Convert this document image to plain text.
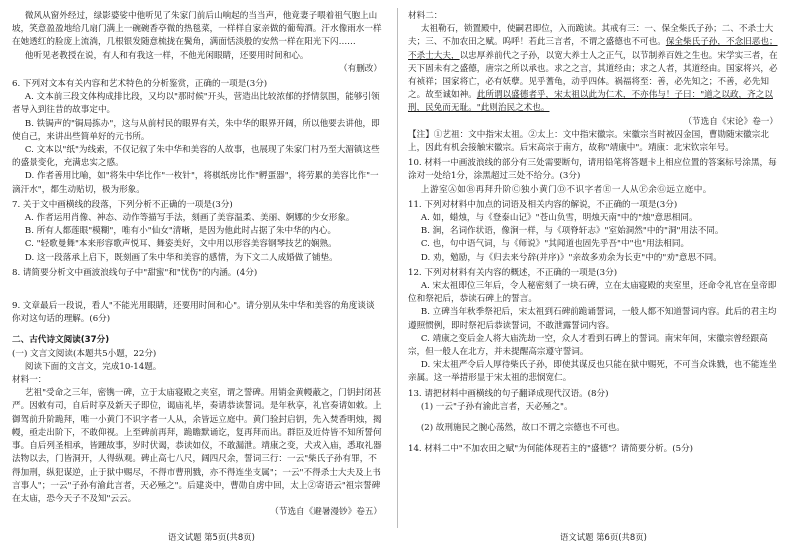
微风从窗外经过，绿影婆娑中他听见了朱家门前后山响起的当当声，他竟妻子喂着祖气胞上山坡，笑意盈盈地给几扇门满上一碗碗香亭微的热毯菜，一样样自家亲做的葡萄酒。汗水像雨水一样在她透红的脸庞上流淌，几根银发随意梳拢在鬓角，满面恬淡般的安然一样在阳光下闪……

他听见老教授在说，有人和有我这一样，不他光闲眼睛，还要用时间和心。

（有删改）

6. 下列对文本有关内容和艺术特色的分析鉴赏，正确的一项是(3分)

A. 文本前三段文体构成排比段，又均以"那时候"开头，营造出比较浓郁的抒情氛围，能够引领者导入到往昔的故事定中。

B. 铁锔声的"锔局拣办"，这与从前村民的眼界有关，朱中华的眼界开阔，所以他要去讲他，即使自己，来讲出些简单好的元书所。

C. 文本以"纸"为线索，不仅记叙了朱中华和美容的人故事，也展现了朱家门村乃至大湄镇这些的盛景变化，充满忠实之感。

D. 作者善用比喻，如"将朱中华比作"一枚针"，将棋纸房比作"孵蛋器"，将劳累的美容比作"一滴汗水"，都生动贴切，极为形象。

7. 关于文中画横线的段落，下列分析不正确的一项是(3分)

A. 作者运用肖像、神态、动作等描写手法，刻画了美容温柔、美丽、婀娜的少女形象。

B. 所有人都莲眼"模糊"，唯有小"仙女"清晰，是因为他此时占据了朱中华的内心。

C. "轻歌曼舞"本来形容歌声悦耳、舞姿美好，文中用以形容美容钢琴技艺的娴熟。

D. 这一段落承上启下，既刻画了朱中华和美容的感情，为下文二人成婚做了铺垫。

8. 请简要分析文中画波浪线句子中"甜蜜"和"忧伤"的内涵。(4分)

9. 文章最后一段说，看人"不能光用眼睛，还要用时间和心"。请分别从朱中华和美容的角度谈谈你对这句话的理解。(6分)

二、古代诗文阅读(37分)

(一) 文言文阅读(本题共5小题，22分)

阅读下面的文言文，完成10-14题。

材料一：

艺祖"受命之三年，密镌一碑，立于太庙寝殿之夹室，谓之誓碑。用销金黄幔蔽之，门钥封闭甚严。因敕有司，自后时享及新天子即位，谒庙礼毕，奏请恭读誓词。是年秋享，礼官奏请如敕。上御驾前升阶跪拜，唯一小黄门不识字者一人从，余皆远立庭中。黄门验封启钥，先入焚香明烛，揭幔，亟走出阶下，不敢仰视。上至碑前再拜，跪瞻默诵讫，复再拜而出。群臣及近侍皆不知所誓何事。自后列圣相承，皆踵故事，岁时伏谒，恭读如仪，不敢漏泄。靖康之变，犬戎入庙，悉取礼器法物以去，门皆洞开，人得纵观。碑止高七八尺，阔四尺余，誓词三行：一云"柴氏子孙有罪，不得加刑，纵犯谋逆，止于狱中赐尽，不得市曹刑戮，亦不得连坐支属"；一云"不得杀士大夫及上书言事人"；一云"子孙有渝此言者，天必殛之"。后建炎中，曹勋自虏中回，太上②寄语云"祖宗誓碑在太庙，恐今天子不及知"云云。

（节选自《避暑漫钞》卷五）

材料二：

太祖勒石，锁置殿中，使嗣君即位，入而跪读。其戒有三：一、保全柴氏子孙；二、不杀士大夫；三、不加农田之赋。呜呼！若此三言者，不谓之盛德也不可也。保全柴氏子孙，不念旧恶也；不杀士大夫，以忠厚养前代之子孙，以宽大养士人之正气，以节制养百姓之生也。宋学实三者，在天下固未有之盛德，唐宗之所以承也。求之之言，其道经由；求之人者，其道经由。国家将兴，必有祯祥；国家将亡，必有妖孽。见乎蓍龟，动乎四体。祸福将至：善，必先知之；不善，必先知之。故至诚如神。此所谓以盛德者乎，宋太祖以此为仁术，不亦伟与！子曰："道之以政，齐之以刑，民免而无耻。"此则治民之术也。

（节选自《宋论》卷一）

【注】①艺祖：文中指宋太祖。②太上：文中指宋徽宗。宋徽宗当时被囚金国，曹勋随宋徽宗北上，因此有机会接触宋徽宗。后宋高宗于南方，故称"靖康中"。靖康：北宋钦宗年号。

10. 材料一中画波浪线的部分有三处需要断句，请用铅笔将答题卡上相应位置的答案标号涂黑，每涂对一处给1分，涂黑超过三处不给分。(3分)

上游室Ⓐ如Ⓑ再拜升阶Ⓒ独小黄门Ⓓ不识字者Ⓔ一人从Ⓕ余Ⓖ远立庭中。

11. 下列对材料中加点的词语及相关内容的解说，不正确的一项是(3分)

A. 如，蜡烛，与《登泰山记》"苍山负雪，明烛天南"中的"烛"意思相同。

B. 涧，名词作状语，像涧一样，与《项脊轩志》"室始洞然"中的"洞"用法不同。

C. 也，句中语气词，与《师说》"其闻道也固先乎吾"中"也"用法相同。

D. 劝，勉励，与《归去来兮辞(并序)》"亲故多劝余为长吏"中的"劝"意思不同。

12. 下列对材料有关内容的概述，不正确的一项是(3分)

A. 宋太祖即位三年后，令人秘密刻了一块石碑，立在太庙寝殿的夹室里，还命令礼官在皇帝即位和祭祀后，恭读石碑上的誓言。

B. 立碑当年秋季祭祀后，宋太祖到石碑前跪诵誓词，一般人都不知道誓词内容。此后的君主均遵照惯例，即时祭祀后恭读誓词，不敢泄露誓词内容。

C. 靖康之变后金人将大庙洗劫一空，众人才看到石碑上的誓词。南宋年间，宋徽宗曾经跟高宗，但一般人在北方，并未提醒高宗遵守誓词。

D. 宋太祖严令后人厚待柴氏子孙，即使其谋反也只能在狱中赐死，不可当众诛戮，也不能连坐亲属。这一举措形显于宋太祖的悲悯宽仁。

13. 请把材料中画横线的句子翻译成现代汉语。(8分)

(1) 一云"子孙有渝此言者，天必殛之"。

(2) 故刑施民之腕心荡然，故口不谓之宗德也不可也。

14. 材料二中"不加农田之赋"为何能体现若主的"盛德"？请简要分析。(5分)

语文试题 第5页(共8页)	语文试题 第6页(共8页)
